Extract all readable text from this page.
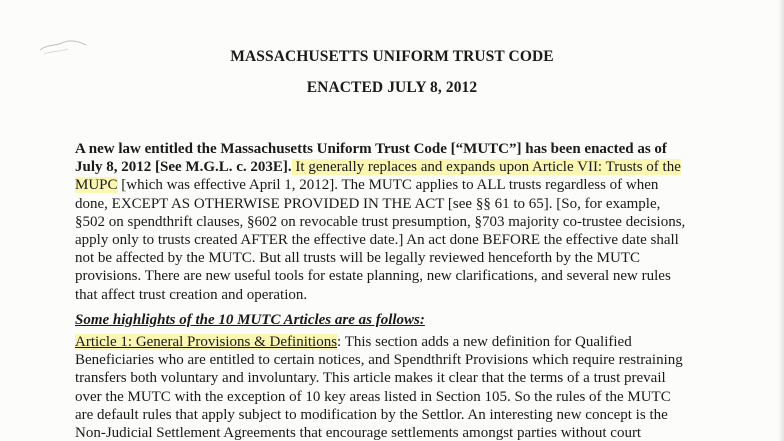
MASSACHUSETTS UNIFORM TRUST CODE
ENACTED JULY 8, 2012
A new law entitled the Massachusetts Uniform Trust Code [“MUTC”] has been enacted as of
July 8, 2012 [See M.G.L. c. 203E]. It generally replaces and expands upon Article VII: Trusts of the
MUPC [which was effective April 1, 2012]. The MUTC applies to ALL trusts regardless of when
done, EXCEPT AS OTHERWISE PROVIDED IN THE ACT [see §§ 61 to 65]. [So, for example,
§502 on spendthrift clauses, §602 on revocable trust presumption, §703 majority co-trustee decisions,
apply only to trusts created AFTER the effective date.] An act done BEFORE the effective date shall
not be affected by the MUTC. But all trusts will be legally reviewed henceforth by the MUTC
provisions. There are new useful tools for estate planning, new clarifications, and several new rules
that affect trust creation and operation.
Some highlights of the 10 MUTC Articles are as follows:
Article 1: General Provisions & Definitions: This section adds a new definition for Qualified
Beneficiaries who are entitled to certain notices, and Spendthrift Provisions which require restraining
transfers both voluntary and involuntary. This article makes it clear that the terms of a trust prevail
over the MUTC with the exception of 10 key areas listed in Section 105. So the rules of the MUTC
are default rules that apply subject to modification by the Settlor. An interesting new concept is the
Non-Judicial Settlement Agreements that encourage settlements amongst parties without court
